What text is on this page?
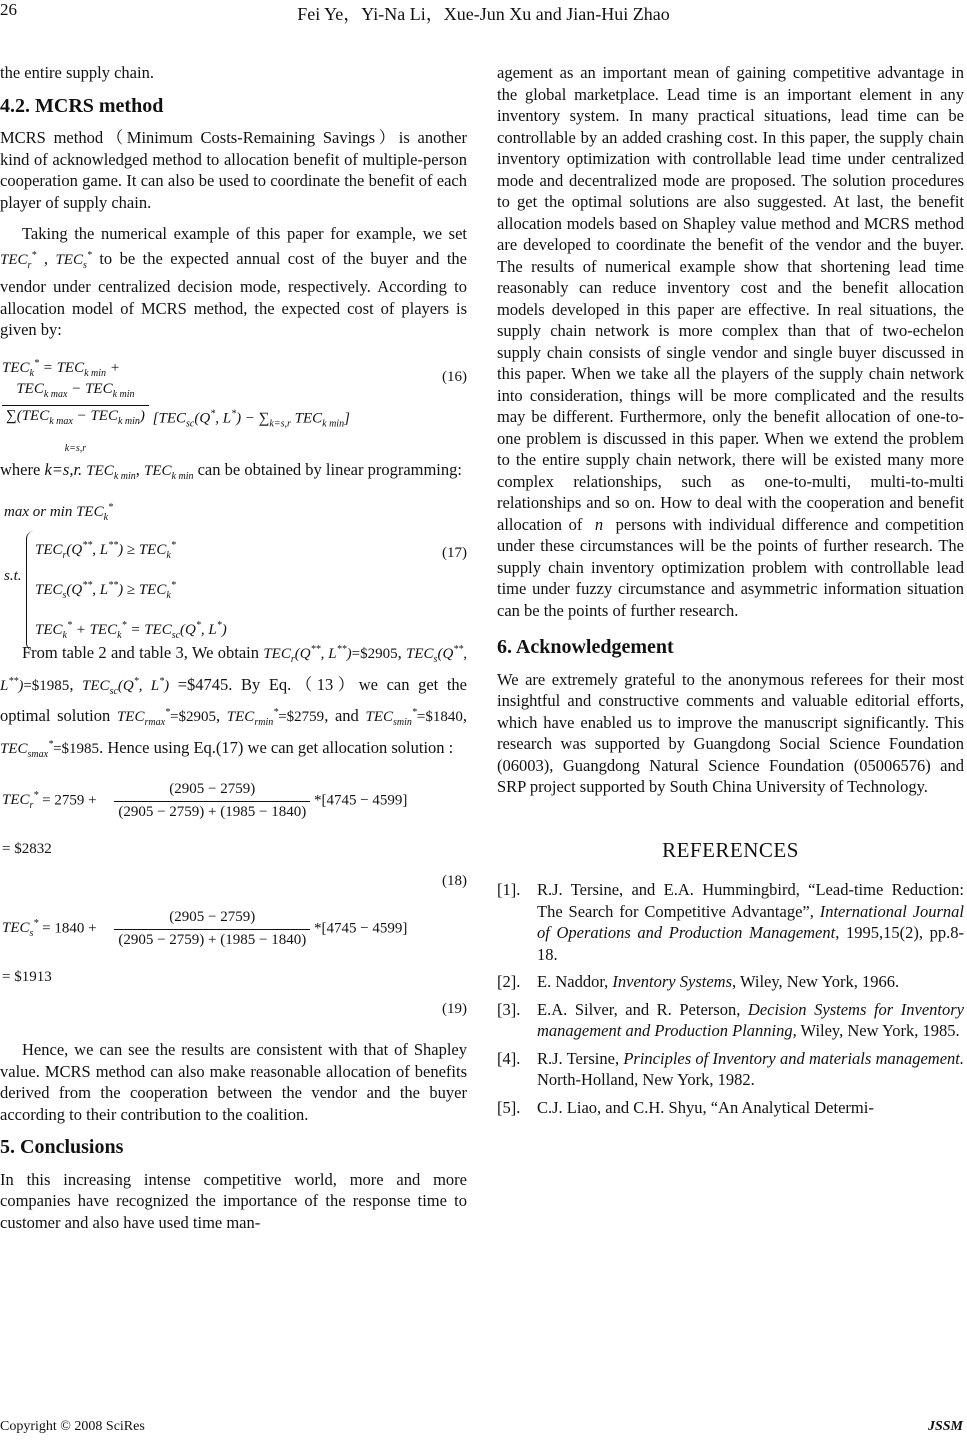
26	Fei Ye，Yi-Na Li，Xue-Jun Xu and Jian-Hui Zhao

the entire supply chain.

4.2. MCRS method

MCRS method（Minimum Costs-Remaining Savings）is another kind of acknowledged method to allocation benefit of multiple-person cooperation game. It can also be used to coordinate the benefit of each player of supply chain.

Taking the numerical example of this paper for example, we set $TEC_r^*$ , $TEC_s^*$ to be the expected annual cost of the buyer and the vendor under centralized decision mode, respectively. According to allocation model of MCRS method, the expected cost of players is given by:

$TEC_k^* = TEC_{k min}$ +
$TEC_{k max} - TEC_{k min}$
$\sum(TEC_{k max} - TEC_{k min})$
$_{k=s,r}$
[$TEC_{sc}(Q^*$, $L^*) - \sum_{k=s,r}$ $TEC_{k min}$]
(16)

where k=s,r. $TEC_{k min}$, $TEC_{k min}$ can be obtained by linear programming:

max or $\min TEC_k^*$
s.t.
$TEC_r(Q^{**}$, $L^{**}) \ge TEC_k^*$
$TEC_s(Q^{**}$, $L^{**}) \ge TEC_k^*$
$TEC_k^* + TEC_k^* = TEC_{sc}(Q^*$, L*)
(17)

From table 2 and table 3, We obtain $TEC_r(Q^{**}$, L**)=$2905, $TEC_s(Q^{**}$, L**)=$1985, $TEC_{sc}(Q^*$, L*) =$4745. By Eq.（13）we can get the optimal solution $TEC_{rmax}^*=\$2905$, $TEC_{rmin}^*=\$2759$, and $TEC_{smin}^*=\$1840$, $TEC_{smax}^*=\$1985$. Hence using Eq.(17) we can get allocation solution :

$TEC_r^* = 2759 + \frac{(2905 - 2759)}{(2905 - 2759) + (1985 - 1840)} *[4745 - 4599]$
= $2832
(18)
$TEC_s^* = 1840 + \frac{(2905 - 2759)}{(2905 - 2759) + (1985 - 1840)} *[4745 - 4599]$
= $1913
(19)

Hence, we can see the results are consistent with that of Shapley value. MCRS method can also make reasonable allocation of benefits derived from the cooperation between the vendor and the buyer according to their contribution to the coalition.

5. Conclusions

In this increasing intense competitive world, more and more companies have recognized the importance of the response time to customer and also have used time man-

agement as an important mean of gaining competitive advantage in the global marketplace. Lead time is an important element in any inventory system. In many practical situations, lead time can be controllable by an added crashing cost. In this paper, the supply chain inventory optimization with controllable lead time under centralized mode and decentralized mode are proposed. The solution procedures to get the optimal solutions are also suggested. At last, the benefit allocation models based on Shapley value method and MCRS method are developed to coordinate the benefit of the vendor and the buyer. The results of numerical example show that shortening lead time reasonably can reduce inventory cost and the benefit allocation models developed in this paper are effective. In real situations, the supply chain network is more complex than that of two-echelon supply chain consists of single vendor and single buyer discussed in this paper. When we take all the players of the supply chain network into consideration, things will be more complicated and the results may be different. Furthermore, only the benefit allocation of one-to-one problem is discussed in this paper. When we extend the problem to the entire supply chain network, there will be existed many more complex relationships, such as one-to-multi, multi-to-multi relationships and so on. How to deal with the cooperation and benefit allocation of n persons with individual difference and competition under these circumstances will be the points of further research. The supply chain inventory optimization problem with controllable lead time under fuzzy circumstance and asymmetric information situation can be the points of further research.

6. Acknowledgement

We are extremely grateful to the anonymous referees for their most insightful and constructive comments and valuable editorial efforts, which have enabled us to improve the manuscript significantly. This research was supported by Guangdong Social Science Foundation (06003), Guangdong Natural Science Foundation (05006576) and SRP project supported by South China University of Technology.

REFERENCES
[1].	R.J. Tersine, and E.A. Hummingbird, “Lead-time Reduction: The Search for Competitive Advantage”, International Journal of Operations and Production Management, 1995,15(2), pp.8-18.
[2].	E. Naddor, Inventory Systems, Wiley, New York, 1966.
[3].	E.A. Silver, and R. Peterson, Decision Systems for Inventory management and Production Planning, Wiley, New York, 1985.
[4].	R.J. Tersine, Principles of Inventory and materials management. North-Holland, New York, 1982.
[5].	C.J. Liao, and C.H. Shyu, “An Analytical Determi-
Copyright © 2008 SciRes	JSSM
